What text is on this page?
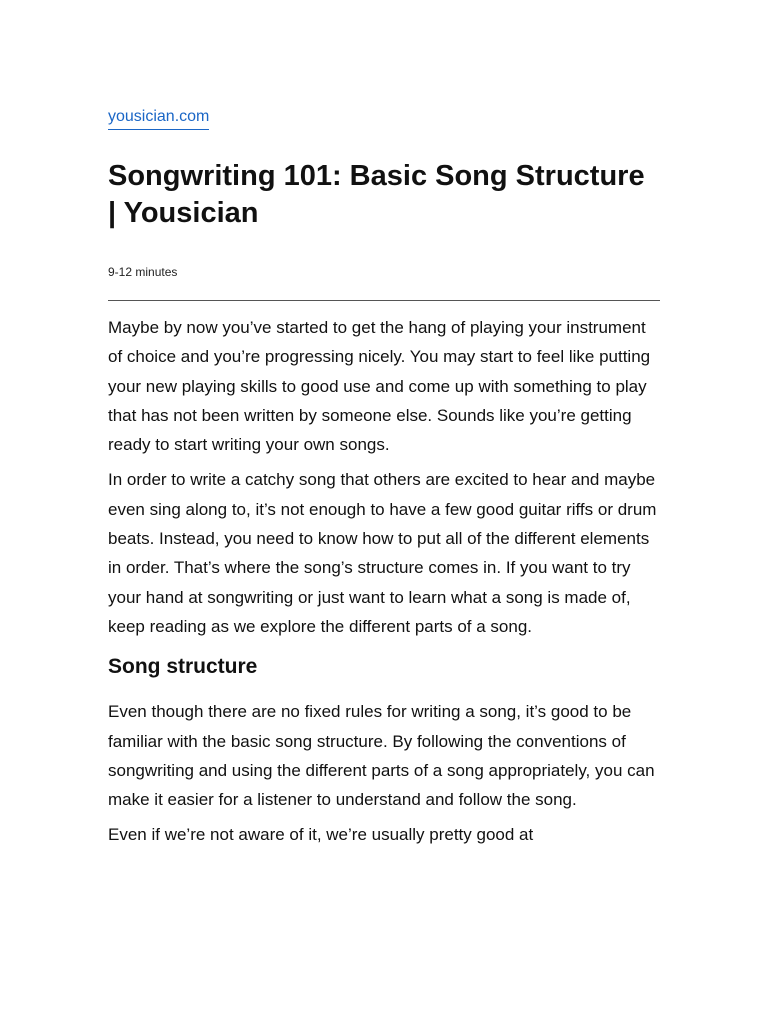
yousician.com
Songwriting 101: Basic Song Structure | Yousician
9-12 minutes

Maybe by now you’ve started to get the hang of playing your instrument of choice and you’re progressing nicely. You may start to feel like putting your new playing skills to good use and come up with something to play that has not been written by someone else. Sounds like you’re getting ready to start writing your own songs.

In order to write a catchy song that others are excited to hear and maybe even sing along to, it’s not enough to have a few good guitar riffs or drum beats. Instead, you need to know how to put all of the different elements in order. That’s where the song’s structure comes in. If you want to try your hand at songwriting or just want to learn what a song is made of, keep reading as we explore the different parts of a song.

Song structure

Even though there are no fixed rules for writing a song, it’s good to be familiar with the basic song structure. By following the conventions of songwriting and using the different parts of a song appropriately, you can make it easier for a listener to understand and follow the song.

Even if we’re not aware of it, we’re usually pretty good at
